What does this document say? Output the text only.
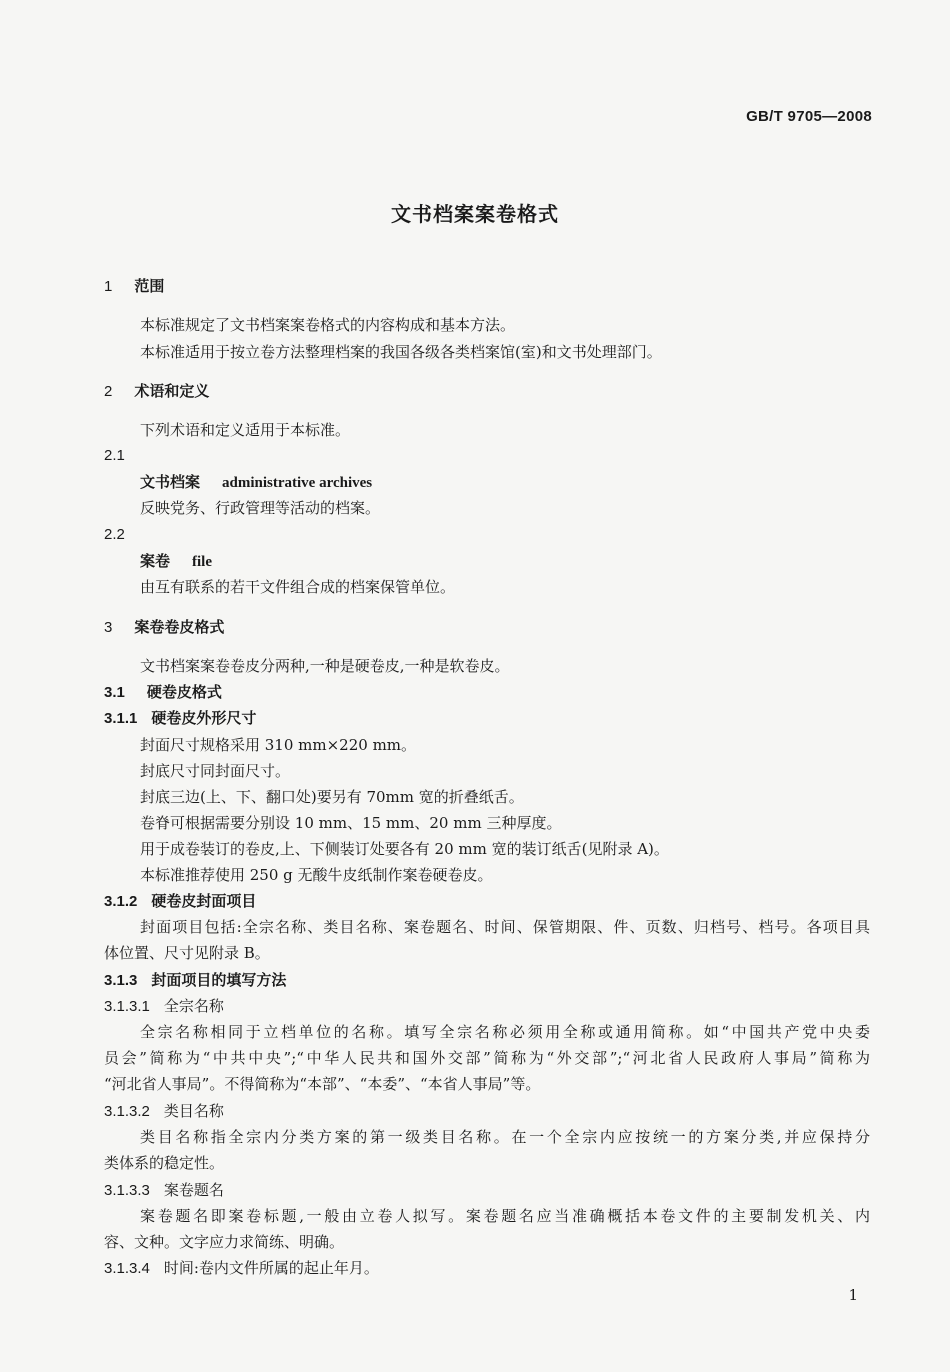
GB/T 9705—2008
文书档案案卷格式
1 范围
本标准规定了文书档案案卷格式的内容构成和基本方法。
本标准适用于按立卷方法整理档案的我国各级各类档案馆(室)和文书处理部门。
2 术语和定义
下列术语和定义适用于本标准。
2.1
文书档案 administrative archives
反映党务、行政管理等活动的档案。
2.2
案卷 file
由互有联系的若干文件组合成的档案保管单位。
3 案卷卷皮格式
文书档案案卷卷皮分两种,一种是硬卷皮,一种是软卷皮。
3.1 硬卷皮格式
3.1.1 硬卷皮外形尺寸
封面尺寸规格采用 310 mm×220 mm。
封底尺寸同封面尺寸。
封底三边(上、下、翻口处)要另有 70mm 宽的折叠纸舌。
卷脊可根据需要分别设 10 mm、15 mm、20 mm 三种厚度。
用于成卷装订的卷皮,上、下侧装订处要各有 20 mm 宽的装订纸舌(见附录 A)。
本标准推荐使用 250 g 无酸牛皮纸制作案卷硬卷皮。
3.1.2 硬卷皮封面项目
封面项目包括:全宗名称、类目名称、案卷题名、时间、保管期限、件、页数、归档号、档号。各项目具
体位置、尺寸见附录 B。
3.1.3 封面项目的填写方法
3.1.3.1 全宗名称
全宗名称相同于立档单位的名称。填写全宗名称必须用全称或通用简称。如“中国共产党中央委
员会”简称为“中共中央”;“中华人民共和国外交部”简称为“外交部”;“河北省人民政府人事局”简称为
“河北省人事局”。不得简称为“本部”、“本委”、“本省人事局”等。
3.1.3.2 类目名称
类目名称指全宗内分类方案的第一级类目名称。在一个全宗内应按统一的方案分类,并应保持分
类体系的稳定性。
3.1.3.3 案卷题名
案卷题名即案卷标题,一般由立卷人拟写。案卷题名应当准确概括本卷文件的主要制发机关、内
容、文种。文字应力求简练、明确。
3.1.3.4 时间:卷内文件所属的起止年月。
1
